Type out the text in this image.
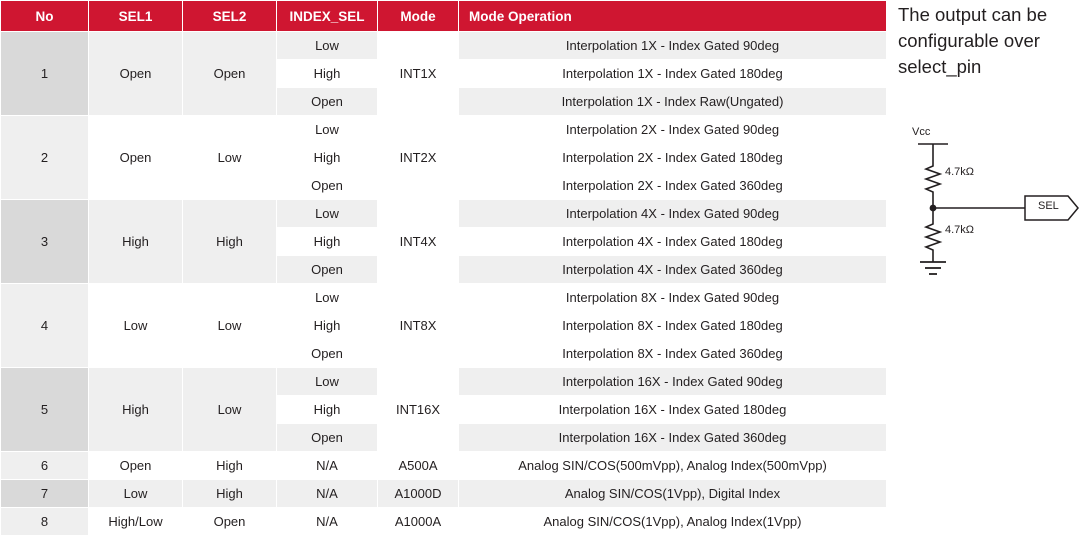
No	SEL1	SEL2	INDEX_SEL	Mode	Mode Operation
1	Open	Open	Low	INT1X	Interpolation 1X - Index Gated 90deg
			High		Interpolation 1X - Index Gated 180deg
			Open		Interpolation 1X - Index Raw(Ungated)
2	Open	Low	Low	INT2X	Interpolation 2X - Index Gated 90deg
			High		Interpolation 2X - Index Gated 180deg
			Open		Interpolation 2X - Index Gated 360deg
3	High	High	Low	INT4X	Interpolation 4X - Index Gated 90deg
			High		Interpolation 4X - Index Gated 180deg
			Open		Interpolation 4X - Index Gated 360deg
4	Low	Low	Low	INT8X	Interpolation 8X - Index Gated 90deg
			High		Interpolation 8X - Index Gated 180deg
			Open		Interpolation 8X - Index Gated 360deg
5	High	Low	Low	INT16X	Interpolation 16X - Index Gated 90deg
			High		Interpolation 16X - Index Gated 180deg
			Open		Interpolation 16X - Index Gated 360deg
6	Open	High	N/A	A500A	Analog SIN/COS(500mVpp), Analog Index(500mVpp)
7	Low	High	N/A	A1000D	Analog SIN/COS(1Vpp), Digital Index
8	High/Low	Open	N/A	A1000A	Analog SIN/COS(1Vpp), Analog Index(1Vpp)
The output can be configurable over select_pin
Vcc
4.7kΩ
4.7kΩ
SEL
